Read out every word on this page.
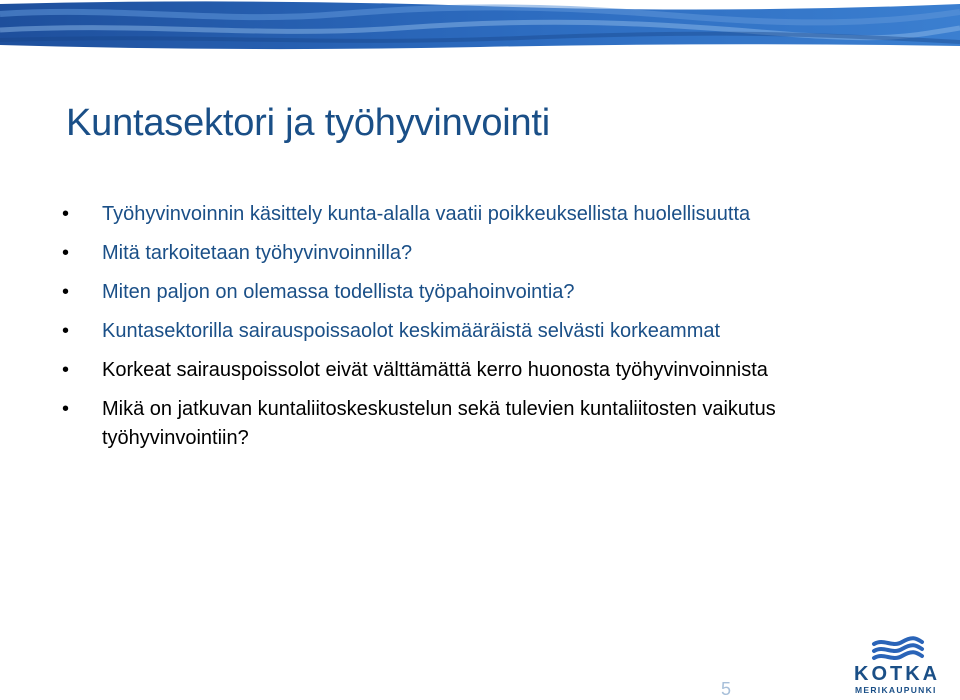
Kuntasektori ja työhyvinvointi
• Työhyvinvoinnin käsittely kunta-alalla vaatii poikkeuksellista huolellisuutta
• Mitä tarkoitetaan työhyvinvoinnilla?
• Miten paljon on olemassa todellista työpahoinvointia?
• Kuntasektorilla sairauspoissaolot keskimääräistä selvästi korkeammat
• Korkeat sairauspoissolot eivät välttämättä kerro huonosta työhyvinvoinnista
• Mikä on jatkuvan kuntaliitoskeskustelun sekä tulevien kuntaliitosten vaikutus työhyvinvointiin?
5
KOTKA
MERIKAUPUNKI
